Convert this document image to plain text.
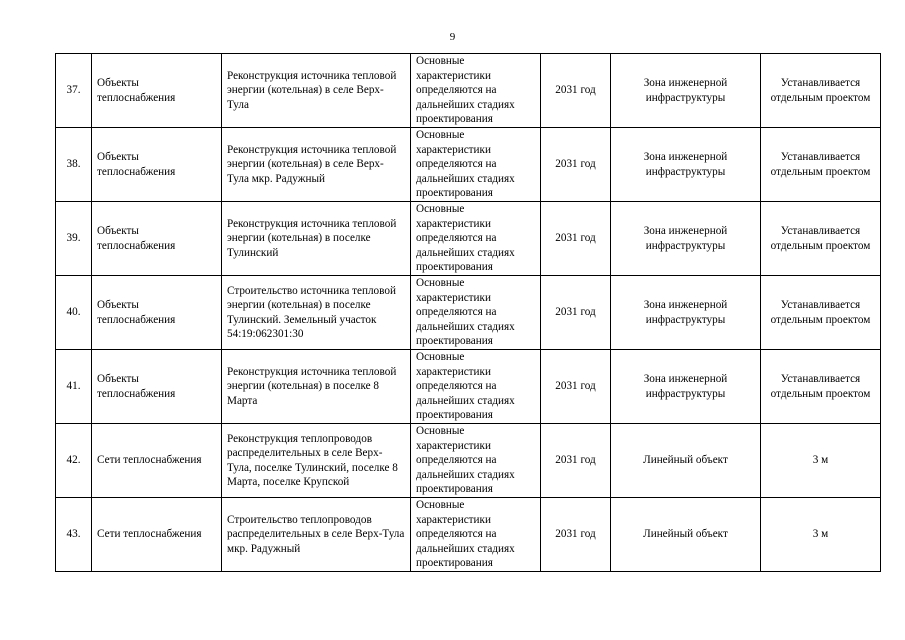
9
37.	Объекты теплоснабжения	Реконструкция источника тепловой энергии (котельная) в селе Верх-Тула	Основные характеристики определяются на дальнейших стадиях проектирования	2031 год	Зона инженерной инфраструктуры	Устанавливается отдельным проектом
38.	Объекты теплоснабжения	Реконструкция источника тепловой энергии (котельная) в селе Верх-Тула мкр. Радужный	Основные характеристики определяются на дальнейших стадиях проектирования	2031 год	Зона инженерной инфраструктуры	Устанавливается отдельным проектом
39.	Объекты теплоснабжения	Реконструкция источника тепловой энергии (котельная) в поселке Тулинский	Основные характеристики определяются на дальнейших стадиях проектирования	2031 год	Зона инженерной инфраструктуры	Устанавливается отдельным проектом
40.	Объекты теплоснабжения	Строительство источника тепловой энергии (котельная) в поселке Тулинский. Земельный участок 54:19:062301:30	Основные характеристики определяются на дальнейших стадиях проектирования	2031 год	Зона инженерной инфраструктуры	Устанавливается отдельным проектом
41.	Объекты теплоснабжения	Реконструкция источника тепловой энергии (котельная) в поселке 8 Марта	Основные характеристики определяются на дальнейших стадиях проектирования	2031 год	Зона инженерной инфраструктуры	Устанавливается отдельным проектом
42.	Сети теплоснабжения	Реконструкция теплопроводов распределительных в селе Верх-Тула, поселке Тулинский, поселке 8 Марта, поселке Крупской	Основные характеристики определяются на дальнейших стадиях проектирования	2031 год	Линейный объект	3 м
43.	Сети теплоснабжения	Строительство теплопроводов распределительных в селе Верх-Тула мкр. Радужный	Основные характеристики определяются на дальнейших стадиях проектирования	2031 год	Линейный объект	3 м
